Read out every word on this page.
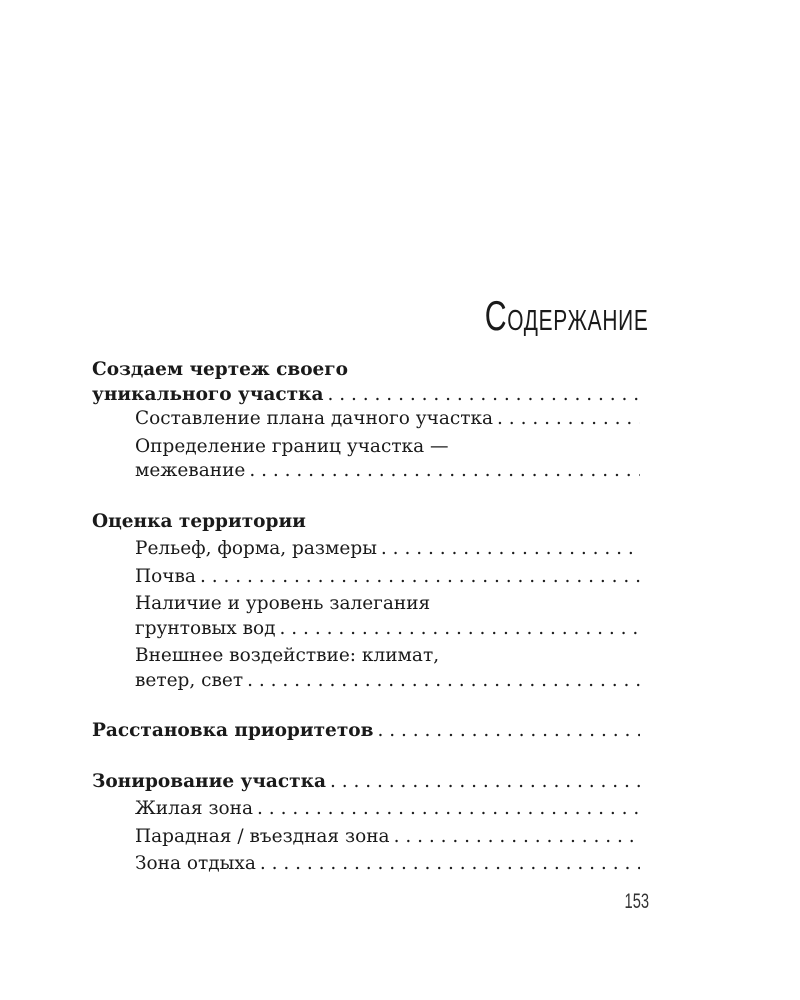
Содержание
Создаем чертеж своего
уникального участка
. . .
Составление плана дачного участка
. . .
Определение границ участка —
межевание
. . .
Оценка территории
Рельеф, форма, размеры
. . .
Почва
. . .
Наличие и уровень залегания
грунтовых вод
. . .
Внешнее воздействие: климат,
ветер, свет
. . .
Расстановка приоритетов
. . .
Зонирование участка
. . .
Жилая зона
. . .
Парадная / въездная зона
. . .
Зона отдыха
. . .
153
